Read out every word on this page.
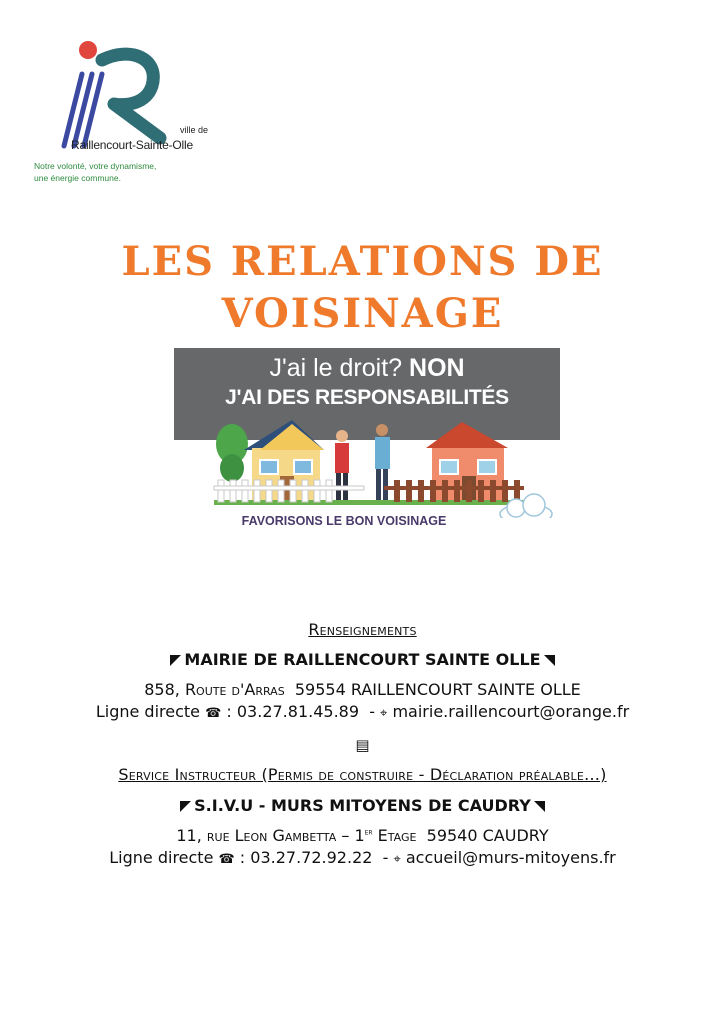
ville de
Raillencourt-Sainte-Olle
Notre volonté, votre dynamisme,
une énergie commune.
LES RELATIONS DE
VOISINAGE
J'ai le droit? NON
J'AI DES RESPONSABILITÉS
FAVORISONS LE BON VOISINAGE
Renseignements
MAIRIE DE RAILLENCOURT SAINTE OLLE
858, Route d'Arras 59554 RAILLENCOURT SAINTE OLLE
Ligne directe ☎ : 03.27.81.45.89  - ⌖ mairie.raillencourt@orange.fr
▤
Service Instructeur (Permis de construire - Déclaration préalable…)
S.I.V.U - MURS MITOYENS DE CAUDRY
11, rue Leon Gambetta – 1er Etage 59540 CAUDRY
Ligne directe ☎ : 03.27.72.92.22  - ⌖ accueil@murs-mitoyens.fr
